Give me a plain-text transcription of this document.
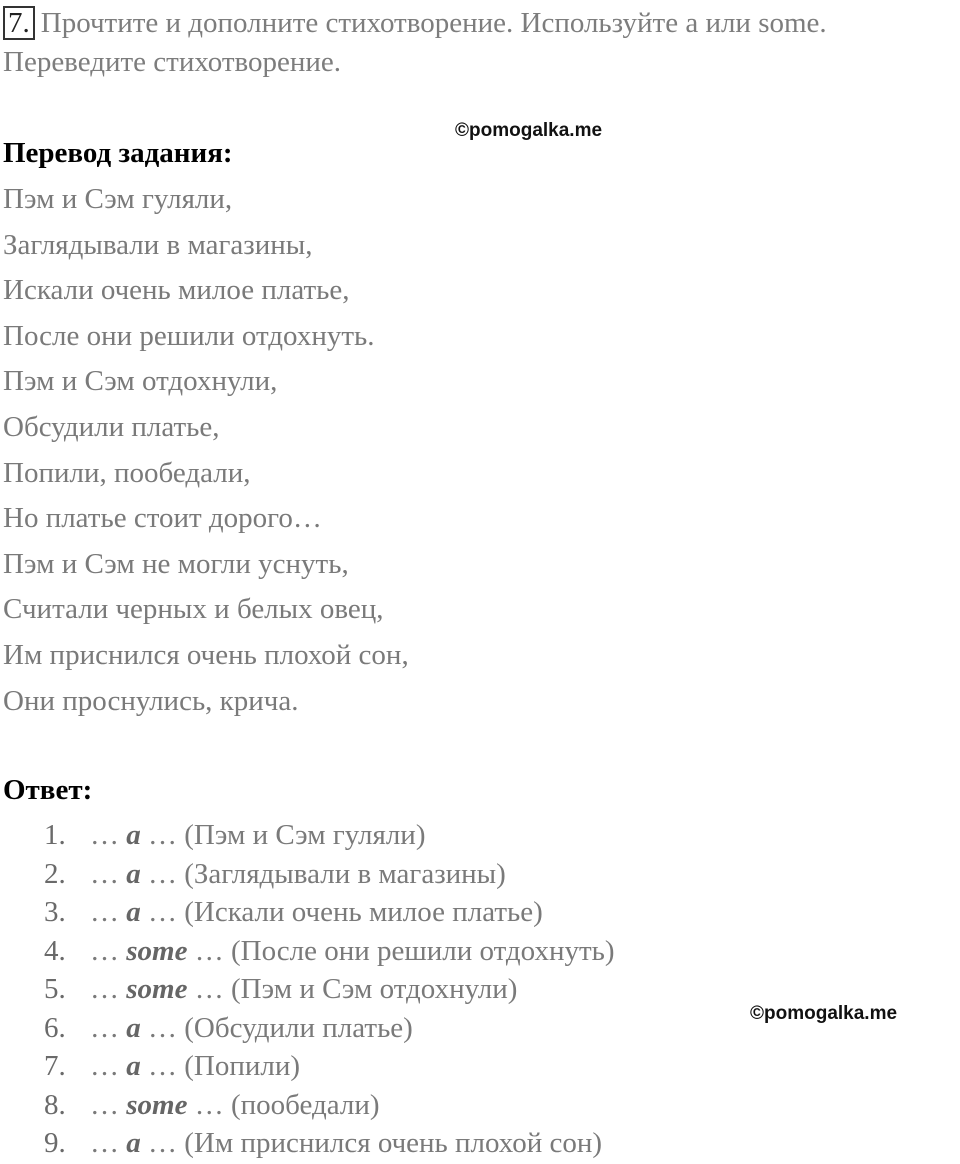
7. Прочтите и дополните стихотворение. Используйте a или some. Переведите стихотворение.
©pomogalka.me
Перевод задания:
Пэм и Сэм гуляли,
Заглядывали в магазины,
Искали очень милое платье,
После они решили отдохнуть.
Пэм и Сэм отдохнули,
Обсудили платье,
Попили, пообедали,
Но платье стоит дорого…
Пэм и Сэм не могли уснуть,
Считали черных и белых овец,
Им приснился очень плохой сон,
Они проснулись, крича.
Ответ:
1. … a … (Пэм и Сэм гуляли)
2. … a … (Заглядывали в магазины)
3. … a … (Искали очень милое платье)
4. … some … (После они решили отдохнуть)
5. … some … (Пэм и Сэм отдохнули)
6. … a … (Обсудили платье)
7. … a … (Попили)
8. … some … (пообедали)
9. … a … (Им приснился очень плохой сон)
©pomogalka.me
